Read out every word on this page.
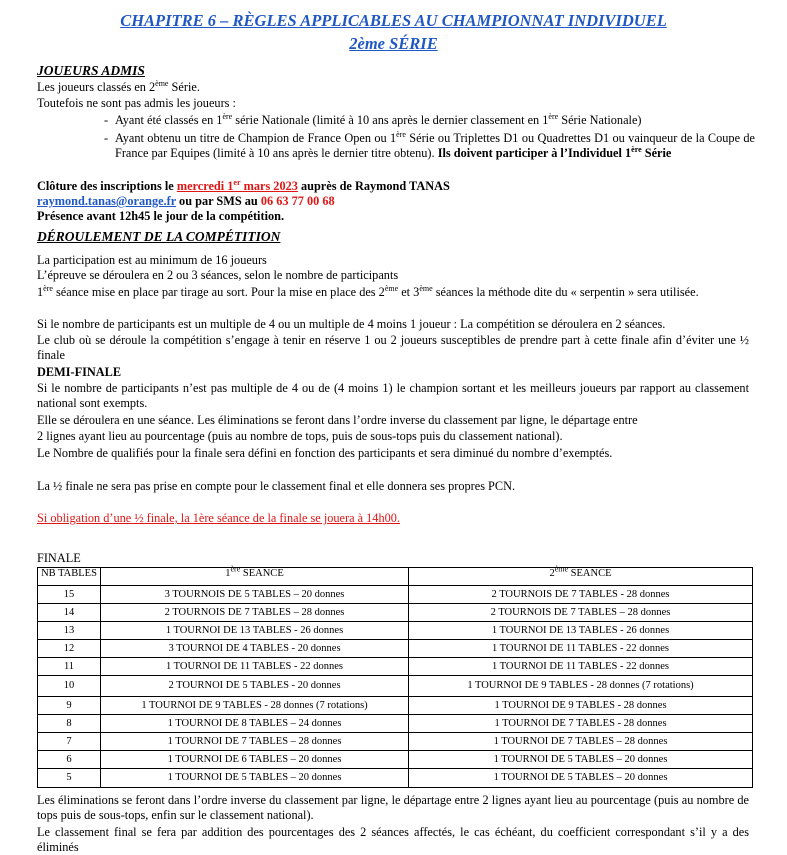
CHAPITRE 6 – RÈGLES APPLICABLES AU CHAMPIONNAT INDIVIDUEL
2ème SÉRIE
JOUEURS ADMIS
Les joueurs classés en 2ème Série.
Toutefois ne sont pas admis les joueurs :
- Ayant été classés en 1ère série Nationale (limité à 10 ans après le dernier classement en 1ère Série Nationale)
- Ayant obtenu un titre de Champion de France Open ou 1ère Série ou Triplettes D1 ou Quadrettes D1 ou vainqueur de la Coupe de France par Equipes (limité à 10 ans après le dernier titre obtenu). Ils doivent participer à l’Individuel 1ère Série
Clôture des inscriptions le mercredi 1er mars 2023 auprès de Raymond TANAS
raymond.tanas@orange.fr ou par SMS au 06 63 77 00 68
Présence avant 12h45 le jour de la compétition.
DÉROULEMENT DE LA COMPÉTITION
La participation est au minimum de 16 joueurs
L’épreuve se déroulera en 2 ou 3 séances, selon le nombre de participants
1ère séance mise en place par tirage au sort. Pour la mise en place des 2ème et 3ème séances la méthode dite du « serpentin » sera utilisée.
Si le nombre de participants est un multiple de 4 ou un multiple de 4 moins 1 joueur : La compétition se déroulera en 2 séances.
Le club où se déroule la compétition s’engage à tenir en réserve 1 ou 2 joueurs susceptibles de prendre part à cette finale afin d’éviter une ½ finale
DEMI-FINALE
Si le nombre de participants n’est pas multiple de 4 ou de (4 moins 1) le champion sortant et les meilleurs joueurs par rapport au classement national sont exempts.
Elle se déroulera en une séance. Les éliminations se feront dans l’ordre inverse du classement par ligne, le départage entre
2 lignes ayant lieu au pourcentage (puis au nombre de tops, puis de sous-tops puis du classement national).
Le Nombre de qualifiés pour la finale sera défini en fonction des participants et sera diminué du nombre d’exemptés.
La ½ finale ne sera pas prise en compte pour le classement final et elle donnera ses propres PCN.
Si obligation d’une ½ finale, la 1ère séance de la finale se jouera à 14h00.
FINALE
NB TABLES	1ère SEANCE	2ème SEANCE
15	3 TOURNOIS DE 5 TABLES – 20 donnes	2 TOURNOIS DE 7 TABLES - 28 donnes
14	2 TOURNOIS DE 7 TABLES – 28 donnes	2 TOURNOIS DE 7 TABLES – 28 donnes
13	1 TOURNOI DE 13 TABLES - 26 donnes	1 TOURNOI DE 13 TABLES - 26 donnes
12	3 TOURNOI DE 4 TABLES - 20 donnes	1 TOURNOI DE 11 TABLES - 22 donnes
11	1 TOURNOI DE 11 TABLES - 22 donnes	1 TOURNOI DE 11 TABLES - 22 donnes
10	2 TOURNOI DE 5 TABLES - 20 donnes	1 TOURNOI DE 9 TABLES - 28 donnes (7 rotations)
9	1 TOURNOI DE 9 TABLES - 28 donnes (7 rotations)	1 TOURNOI DE 9 TABLES - 28 donnes
8	1 TOURNOI DE 8 TABLES – 24 donnes	1 TOURNOI DE 7 TABLES - 28 donnes
7	1 TOURNOI DE 7 TABLES – 28 donnes	1 TOURNOI DE 7 TABLES – 28 donnes
6	1 TOURNOI DE 6 TABLES – 20 donnes	1 TOURNOI DE 5 TABLES – 20 donnes
5	1 TOURNOI DE 5 TABLES – 20 donnes	1 TOURNOI DE 5 TABLES – 20 donnes
Les éliminations se feront dans l’ordre inverse du classement par ligne, le départage entre 2 lignes ayant lieu au pourcentage (puis au nombre de tops puis de sous-tops, enfin sur le classement national).
Le classement final se fera par addition des pourcentages des 2 séances affectés, le cas échéant, du coefficient correspondant s’il y a des éliminés
